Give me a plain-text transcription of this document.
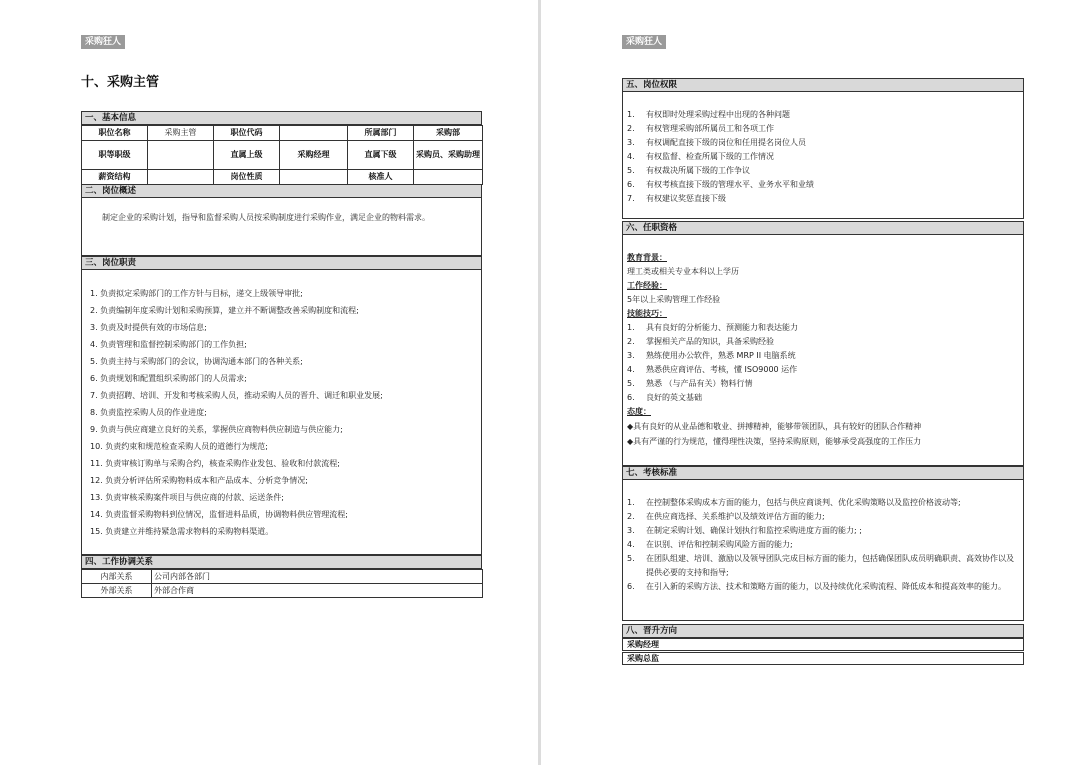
采购狂人
十、采购主管
一、基本信息
职位名称	采购主管	职位代码		所属部门	采购部
职等职级		直属上级	采购经理	直属下级	采购员、采购助理
薪资结构		岗位性质		核准人	
二、岗位概述
制定企业的采购计划，指导和监督采购人员按采购制度进行采购作业，满足企业的物料需求。
三、岗位职责
1. 负责拟定采购部门的工作方针与目标，递交上级领导审批;
2. 负责编制年度采购计划和采购预算，建立并不断调整改善采购制度和流程;
3. 负责及时提供有效的市场信息;
4. 负责管理和监督控制采购部门的工作负担;
5. 负责主持与采购部门的会议，协调沟通本部门的各种关系;
6. 负责规划和配置组织采购部门的人员需求;
7. 负责招聘、培训、开发和考核采购人员，推动采购人员的晋升、调迁和职业发展;
8. 负责监控采购人员的作业进度;
9. 负责与供应商建立良好的关系，掌握供应商物料供应制造与供应能力;
10. 负责约束和规范检查采购人员的道德行为规范;
11. 负责审核订购单与采购合约，核查采购作业发包、验收和付款流程;
12. 负责分析评估所采购物料成本和产品成本、分析竞争情况;
13. 负责审核采购案件项目与供应商的付款、运送条件;
14. 负责监督采购物料到位情况，监督进料品质，协调物料供应管理流程;
15. 负责建立并维持紧急需求物料的采购物料渠道。
四、工作协调关系
内部关系	公司内部各部门
外部关系	外部合作商
采购狂人
五、岗位权限
1. 有权即时处理采购过程中出现的各种问题
2. 有权管理采购部所属员工和各项工作
3. 有权调配直接下级的岗位和任用提名岗位人员
4. 有权监督、检查所属下级的工作情况
5. 有权裁决所属下级的工作争议
6. 有权考核直接下级的管理水平、业务水平和业绩
7. 有权建议奖惩直接下级
六、任职资格
教育背景：
理工类或相关专业本科以上学历
工作经验：
5年以上采购管理工作经验
技能技巧：
1. 具有良好的分析能力、预测能力和表达能力
2. 掌握相关产品的知识，具备采购经验
3. 熟练使用办公软件，熟悉 MRP II 电脑系统
4. 熟悉供应商评估、考核，懂 ISO9000 运作
5. 熟悉 （与产品有关）物料行情
6. 良好的英文基础
态度：
◆具有良好的从业品德和敬业、拼搏精神，能够带领团队，具有较好的团队合作精神
◆具有严谨的行为规范，懂得理性决策，坚持采购原则，能够承受高强度的工作压力
七、考核标准
1.	在控制整体采购成本方面的能力，包括与供应商谈判、优化采购策略以及监控价格波动等;
2.	在供应商选择、关系维护以及绩效评估方面的能力;
3.	在制定采购计划、确保计划执行和监控采购进度方面的能力; ;
4.	在识别、评估和控制采购风险方面的能力;
5.	在团队组建、培训、激励以及领导团队完成目标方面的能力，包括确保团队成员明确职责、高效协作以及提供必要的支持和指导;
6.	在引入新的采购方法、技术和策略方面的能力，以及持续优化采购流程、降低成本和提高效率的能力。
八、晋升方向
采购经理
采购总监
